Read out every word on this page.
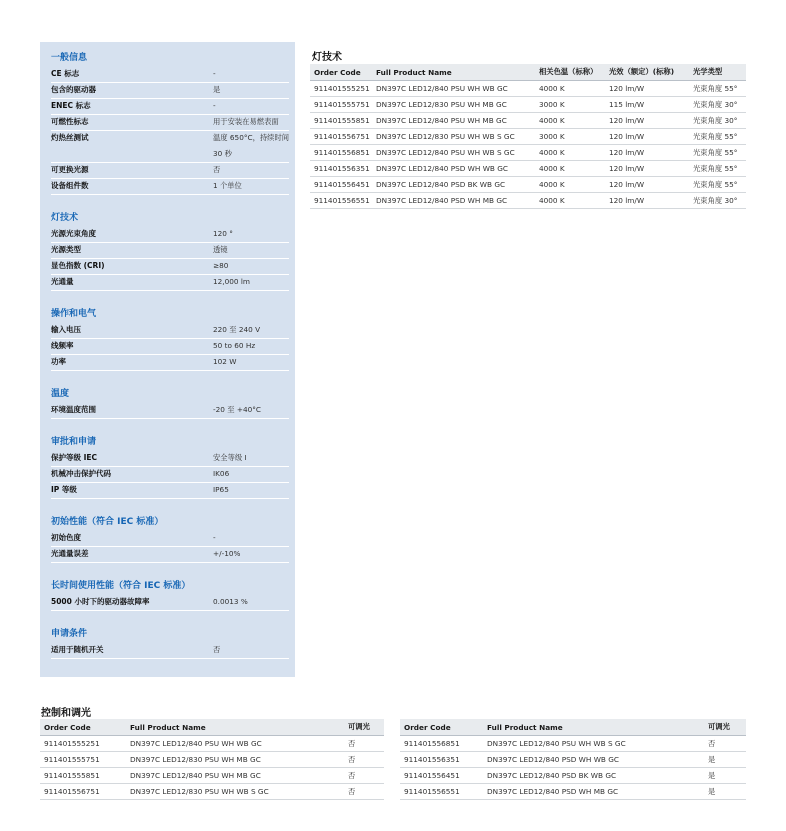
一般信息
CE 标志	-
包含的驱动器	是
ENEC 标志	-
可燃性标志	用于安装在易燃表面
灼热丝测试	温度 650°C，持续时间 30 秒
可更换光源	否
设备组件数	1 个单位
灯技术
光源光束角度	120 °
光源类型	透镜
显色指数 (CRI)	≥80
光通量	12,000 lm
操作和电气
输入电压	220 至 240 V
线频率	50 to 60 Hz
功率	102 W
温度
环境温度范围	-20 至 +40°C
审批和申请
保护等级 IEC	安全等级 I
机械冲击保护代码	IK06
IP 等级	IP65
初始性能（符合 IEC 标准）
初始色度	-
光通量误差	+/-10%
长时间使用性能（符合 IEC 标准）
5000 小时下的驱动器故障率	0.0013 %
申请条件
适用于随机开关	否
灯技术
Order Code	Full Product Name	相关色温（标称）	光效（额定）(标称)	光学类型
911401555251	DN397C LED12/840 PSU WH WB GC	4000 K	120 lm/W	光束角度 55°
911401555751	DN397C LED12/830 PSU WH MB GC	3000 K	115 lm/W	光束角度 30°
911401555851	DN397C LED12/840 PSU WH MB GC	4000 K	120 lm/W	光束角度 30°
911401556751	DN397C LED12/830 PSU WH WB S GC	3000 K	120 lm/W	光束角度 55°
911401556851	DN397C LED12/840 PSU WH WB S GC	4000 K	120 lm/W	光束角度 55°
911401556351	DN397C LED12/840 PSD WH WB GC	4000 K	120 lm/W	光束角度 55°
911401556451	DN397C LED12/840 PSD BK WB GC	4000 K	120 lm/W	光束角度 55°
911401556551	DN397C LED12/840 PSD WH MB GC	4000 K	120 lm/W	光束角度 30°
控制和调光
Order Code	Full Product Name	可调光
911401555251	DN397C LED12/840 PSU WH WB GC	否
911401555751	DN397C LED12/830 PSU WH MB GC	否
911401555851	DN397C LED12/840 PSU WH MB GC	否
911401556751	DN397C LED12/830 PSU WH WB S GC	否
Order Code	Full Product Name	可调光
911401556851	DN397C LED12/840 PSU WH WB S GC	否
911401556351	DN397C LED12/840 PSD WH WB GC	是
911401556451	DN397C LED12/840 PSD BK WB GC	是
911401556551	DN397C LED12/840 PSD WH MB GC	是
